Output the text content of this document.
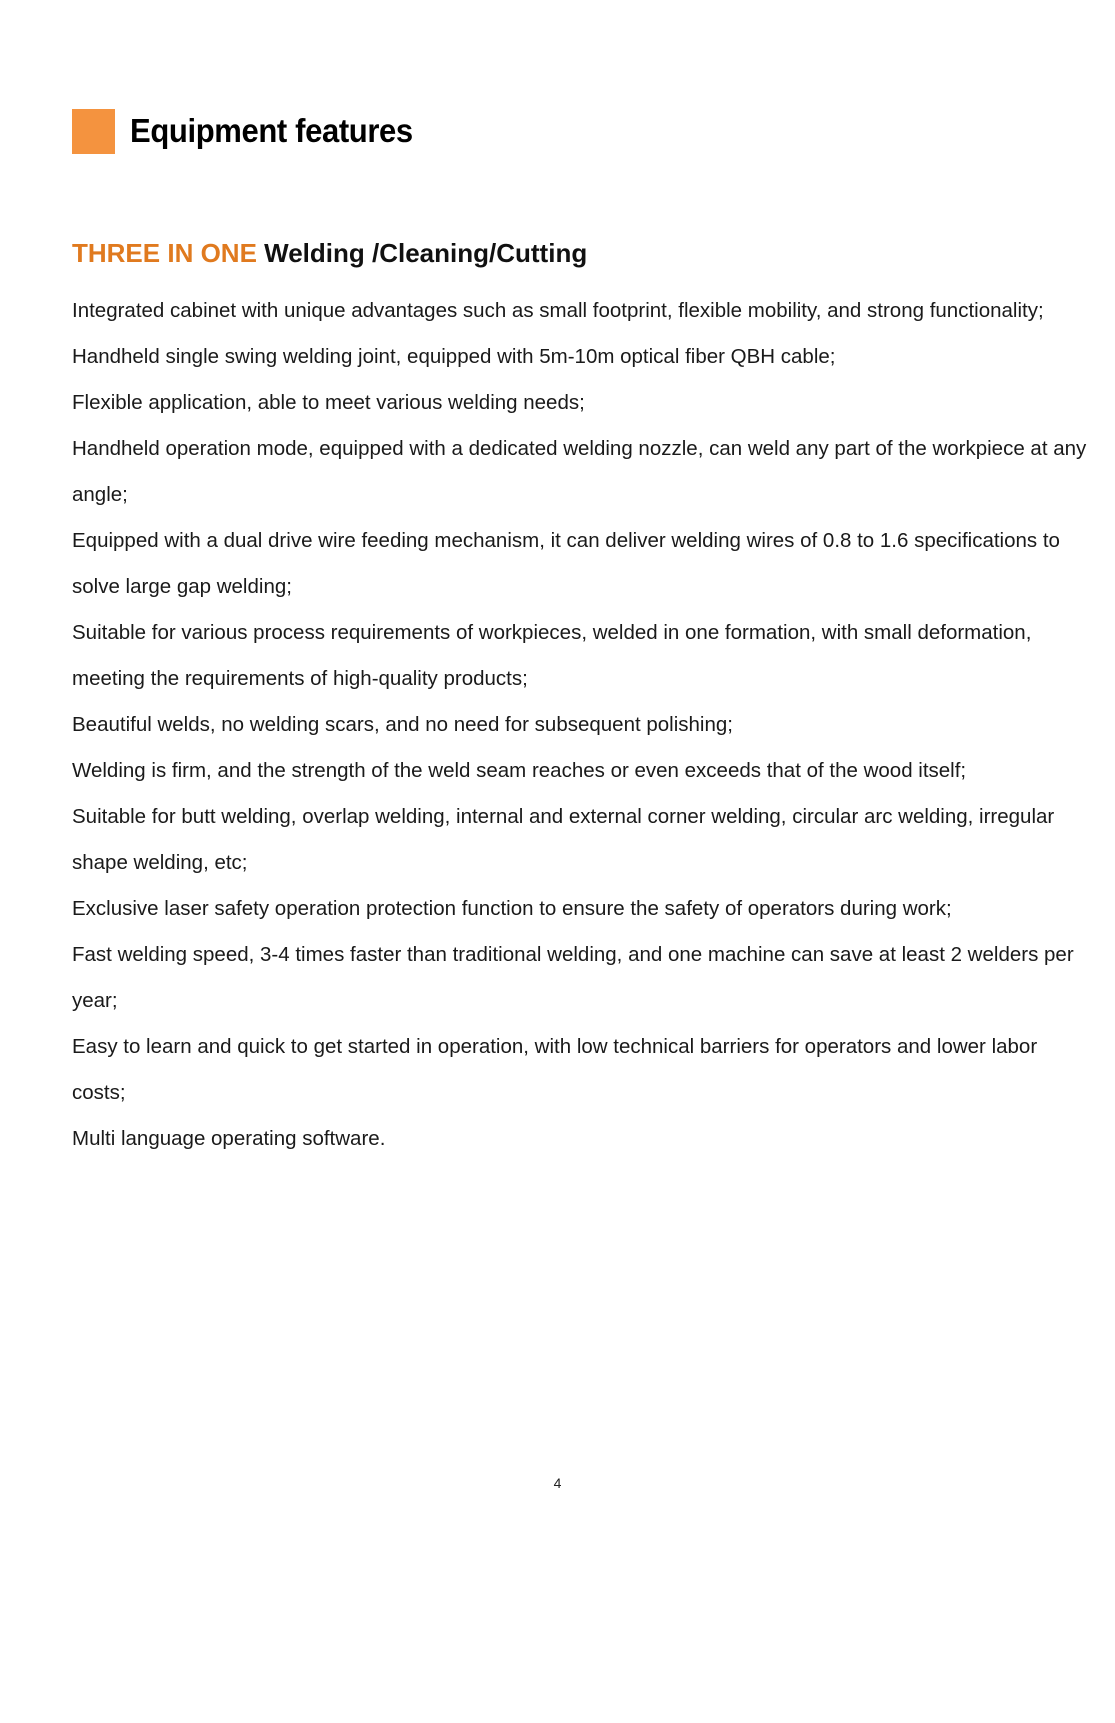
Equipment features
THREE IN ONE Welding /Cleaning/Cutting
Integrated cabinet with unique advantages such as small footprint, flexible mobility, and strong functionality;
Handheld single swing welding joint, equipped with 5m-10m optical fiber QBH cable;
Flexible application, able to meet various welding needs;
Handheld operation mode, equipped with a dedicated welding nozzle, can weld any part of the workpiece at any angle;
Equipped with a dual drive wire feeding mechanism, it can deliver welding wires of 0.8 to 1.6 specifications to solve large gap welding;
Suitable for various process requirements of workpieces, welded in one formation, with small deformation, meeting the requirements of high-quality products;
Beautiful welds, no welding scars, and no need for subsequent polishing;
Welding is firm, and the strength of the weld seam reaches or even exceeds that of the wood itself;
Suitable for butt welding, overlap welding, internal and external corner welding, circular arc welding, irregular shape welding, etc;
Exclusive laser safety operation protection function to ensure the safety of operators during work;
Fast welding speed, 3-4 times faster than traditional welding, and one machine can save at least 2 welders per year;
Easy to learn and quick to get started in operation, with low technical barriers for operators and lower labor costs;
Multi language operating software.
4
